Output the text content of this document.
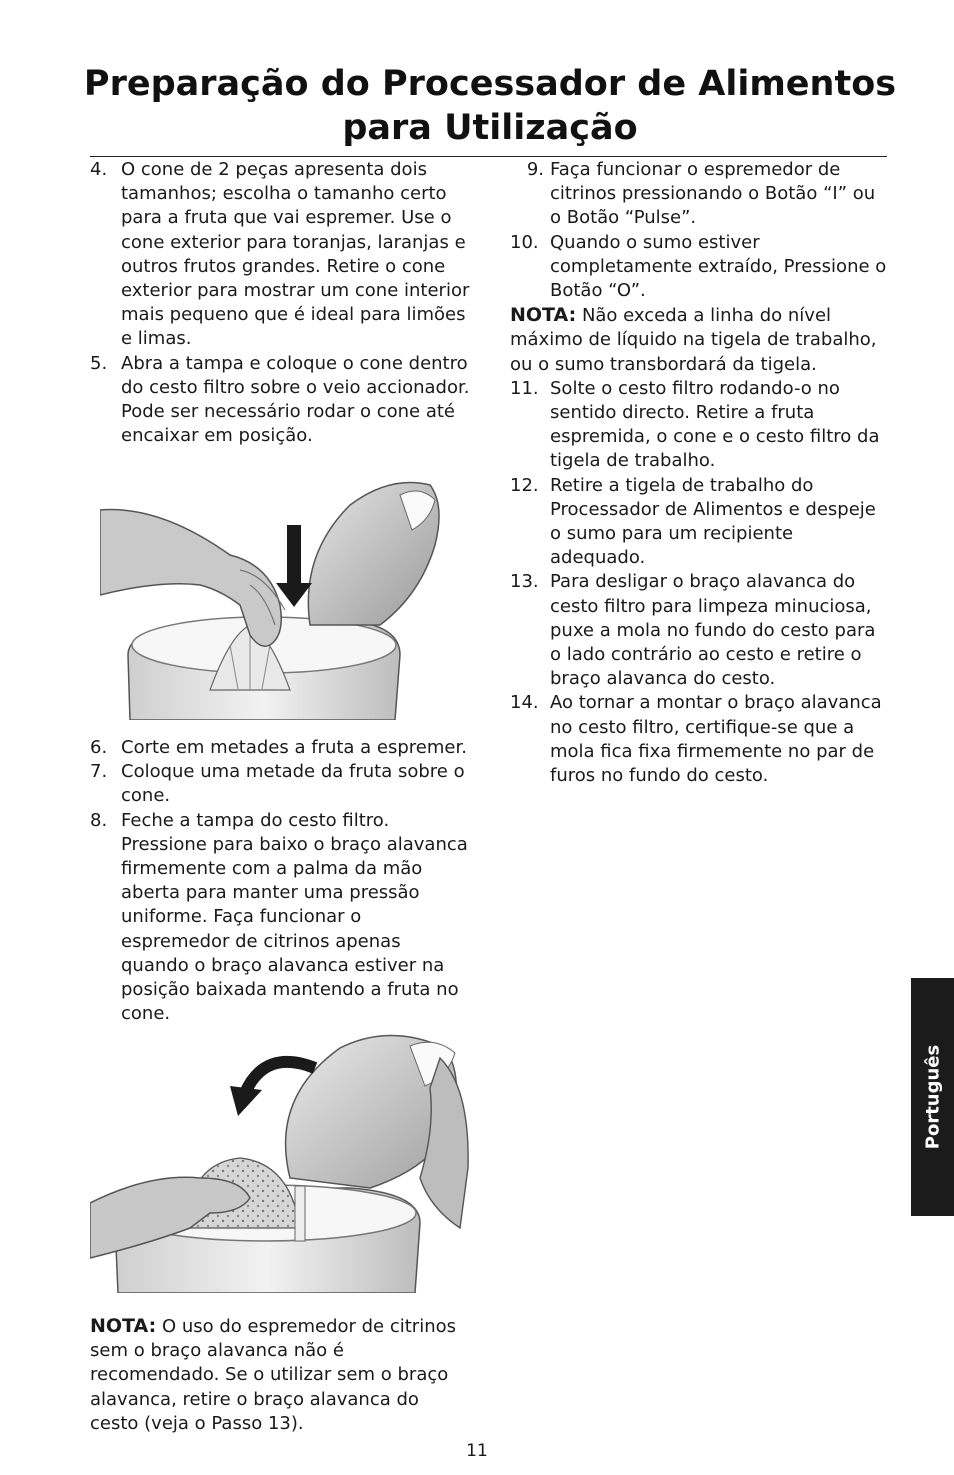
Preparação do Processador de Alimentos
para Utilização
4. O cone de 2 peças apresenta dois tamanhos; escolha o tamanho certo para a fruta que vai espremer. Use o cone exterior para toranjas, laranjas e outros frutos grandes. Retire o cone exterior para mostrar um cone interior mais pequeno que é ideal para limões e limas.
5. Abra a tampa e coloque o cone dentro do cesto filtro sobre o veio accionador. Pode ser necessário rodar o cone até encaixar em posição.
6. Corte em metades a fruta a espremer.
7. Coloque uma metade da fruta sobre o cone.
8. Feche a tampa do cesto filtro. Pressione para baixo o braço alavanca firmemente com a palma da mão aberta para manter uma pressão uniforme. Faça funcionar o espremedor de citrinos apenas quando o braço alavanca estiver na posição baixada mantendo a fruta no cone.
NOTA: O uso do espremedor de citrinos sem o braço alavanca não é recomendado. Se o utilizar sem o braço alavanca, retire o braço alavanca do cesto (veja o Passo 13).
9. Faça funcionar o espremedor de citrinos pressionando o Botão “I” ou o Botão “Pulse”.
10. Quando o sumo estiver completamente extraído, Pressione o Botão “O”.
NOTA: Não exceda a linha do nível máximo de líquido na tigela de trabalho, ou o sumo transbordará da tigela.
11. Solte o cesto filtro rodando-o no sentido directo. Retire a fruta espremida, o cone e o cesto filtro da tigela de trabalho.
12. Retire a tigela de trabalho do Processador de Alimentos e despeje o sumo para um recipiente adequado.
13. Para desligar o braço alavanca do cesto filtro para limpeza minuciosa, puxe a mola no fundo do cesto para o lado contrário ao cesto e retire o braço alavanca do cesto.
14. Ao tornar a montar o braço alavanca no cesto filtro, certifique-se que a mola fica fixa firmemente no par de furos no fundo do cesto.
Português
11
